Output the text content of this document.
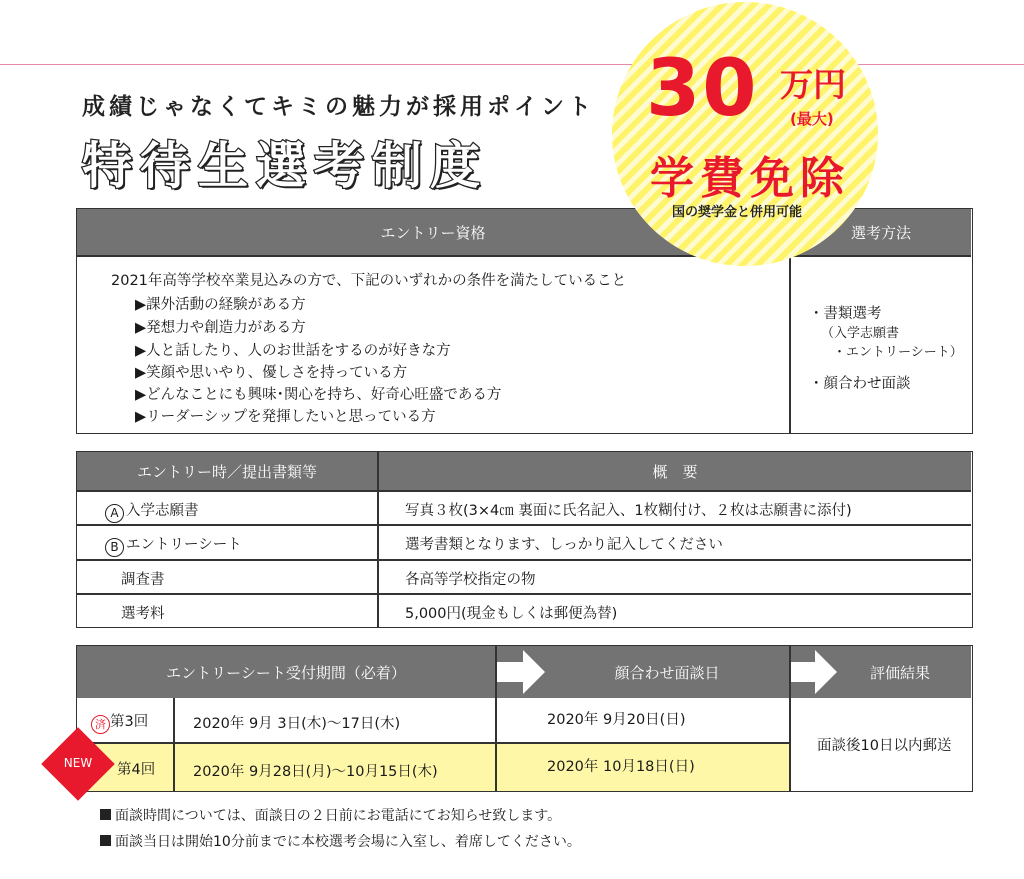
成績じゃなくてキミの魅力が採用ポイント
特待生選考制度
30 万円
(最大)
学費免除
国の奨学金と併用可能
エントリー資格	選考方法
2021年高等学校卒業見込みの方で、下記のいずれかの条件を満たしていること
▶課外活動の経験がある方
▶発想力や創造力がある方
▶人と話したり、人のお世話をするのが好きな方
▶笑顔や思いやり、優しさを持っている方
▶どんなことにも興味･関心を持ち、好奇心旺盛である方
▶リーダーシップを発揮したいと思っている方
・書類選考
（入学志願書
・エントリーシート）
・顔合わせ面談
エントリー時／提出書類等	概　要
A 入学志願書	写真３枚(3×4㎝ 裏面に氏名記入、1枚糊付け、２枚は志願書に添付)
B エントリーシート	選考書類となります、しっかり記入してください
調査書	各高等学校指定の物
選考料	5,000円(現金もしくは郵便為替)
エントリーシート受付期間（必着）	顔合わせ面談日	評価結果
済 第3回	2020年 9月 3日(木)～17日(木)	2020年 9月20日(日)
第4回	2020年 9月28日(月)～10月15日(木)	2020年 10月18日(日)
面談後10日以内郵送
NEW
面談時間については、面談日の２日前にお電話にてお知らせ致します。
面談当日は開始10分前までに本校選考会場に入室し、着席してください。
